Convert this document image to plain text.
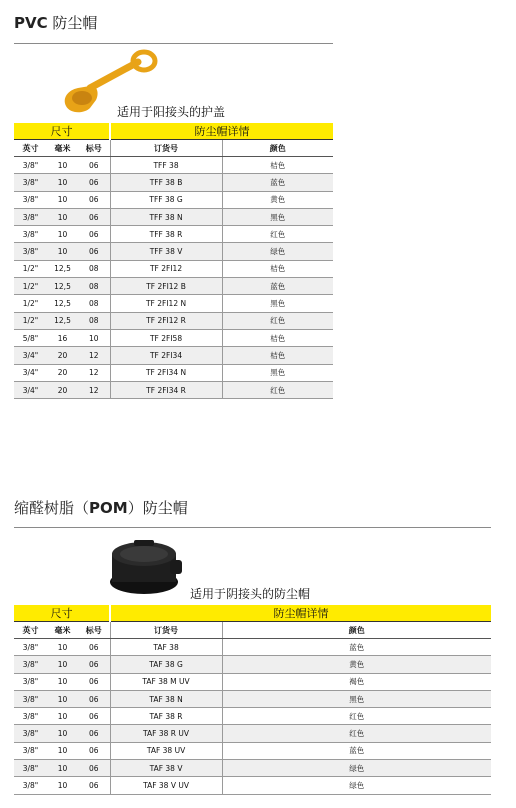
PVC 防尘帽
适用于阳接头的护盖
尺寸			防尘帽详情	
英寸	毫米	标号	订货号	颜色
3/8"	10	06	TFF 38	桔色
3/8"	10	06	TFF 38 B	蓝色
3/8"	10	06	TFF 38 G	黄色
3/8"	10	06	TFF 38 N	黑色
3/8"	10	06	TFF 38 R	红色
3/8"	10	06	TFF 38 V	绿色
1/2"	12,5	08	TF 2FI12	桔色
1/2"	12,5	08	TF 2FI12 B	蓝色
1/2"	12,5	08	TF 2FI12 N	黑色
1/2"	12,5	08	TF 2FI12 R	红色
5/8"	16	10	TF 2FI58	桔色
3/4"	20	12	TF 2FI34	桔色
3/4"	20	12	TF 2FI34 N	黑色
3/4"	20	12	TF 2FI34 R	红色
缩醛树脂（POM）防尘帽
适用于阴接头的防尘帽
尺寸			防尘帽详情	
英寸	毫米	标号	订货号	颜色
3/8"	10	06	TAF 38	蓝色
3/8"	10	06	TAF 38 G	黄色
3/8"	10	06	TAF 38 M UV	褐色
3/8"	10	06	TAF 38 N	黑色
3/8"	10	06	TAF 38 R	红色
3/8"	10	06	TAF 38 R UV	红色
3/8"	10	06	TAF 38 UV	蓝色
3/8"	10	06	TAF 38 V	绿色
3/8"	10	06	TAF 38 V UV	绿色
